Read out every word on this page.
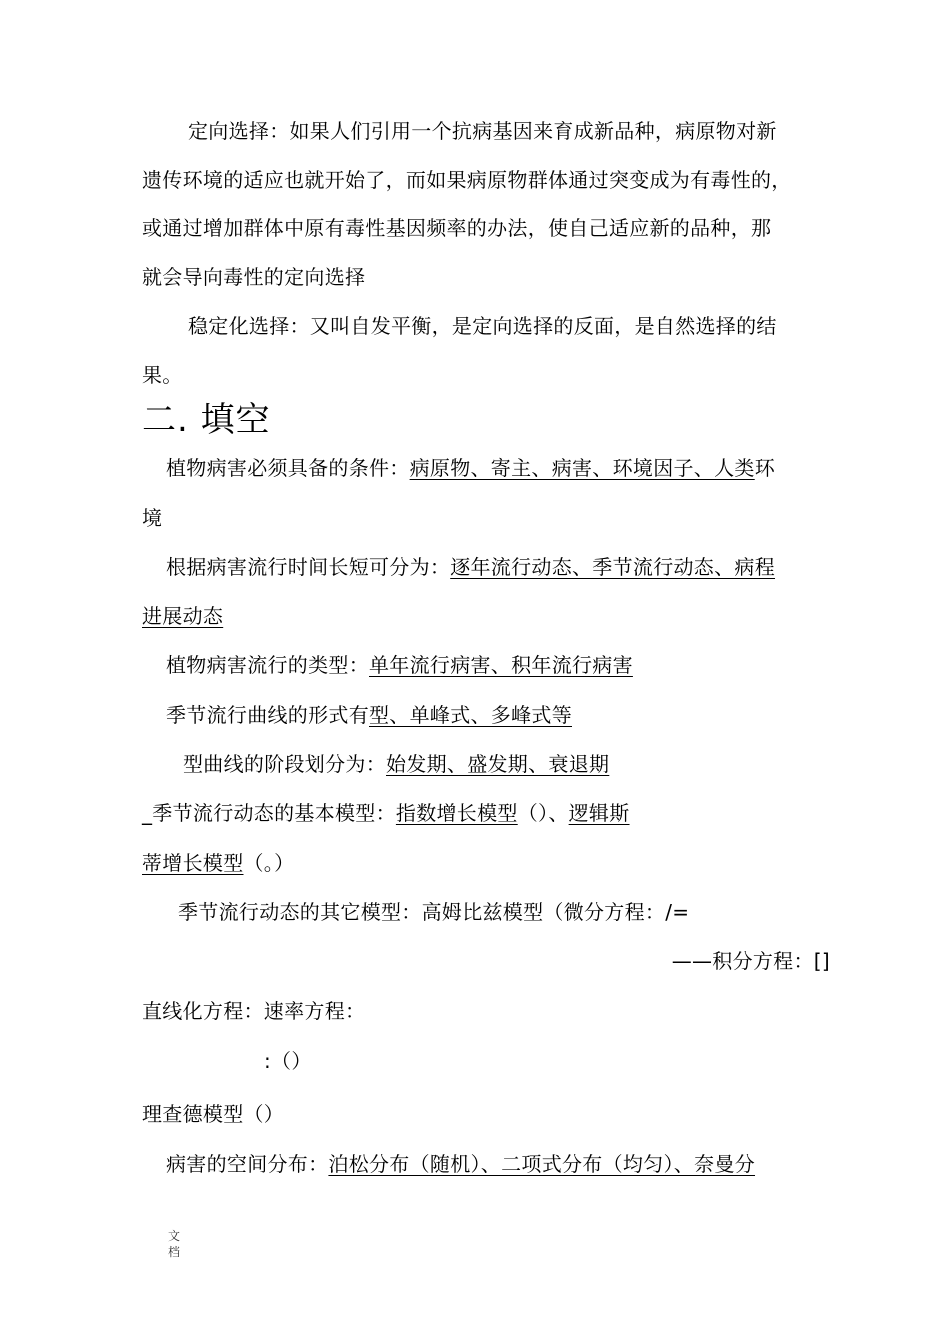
定向选择：如果人们引用一个抗病基因来育成新品种，病原物对新
遗传环境的适应也就开始了，而如果病原物群体通过突变成为有毒性的，
或通过增加群体中原有毒性基因频率的办法，使自己适应新的品种，那
就会导向毒性的定向选择
稳定化选择：又叫自发平衡，是定向选择的反面，是自然选择的结
果。
二. 填空
植物病害必须具备的条件：病原物、寄主、病害、环境因子、人类环
境
根据病害流行时间长短可分为：逐年流行动态、季节流行动态、病程
进展动态
植物病害流行的类型：单年流行病害、积年流行病害
季节流行曲线的形式有型、单峰式、多峰式等
型曲线的阶段划分为：始发期、盛发期、衰退期
_季节流行动态的基本模型：指数增长模型（）、逻辑斯
蒂增长模型（。）
季节流行动态的其它模型：高姆比兹模型（微分方程：/=
——积分方程：[]
直线化方程：速率方程：
:（）
理查德模型（）
病害的空间分布：泊松分布（随机）、二项式分布（均匀）、奈曼分
文
档
